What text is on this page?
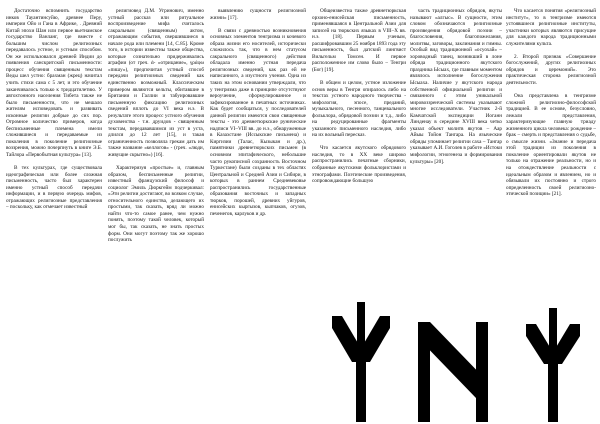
Достаточно вспомнить государство инков Тауантинсуйю, древнее Перу, империи Ойо и Гана в Африке, . Древний Китай эпохи Шан или первое вьетнамское государство Ванланг, где вместе с большим числом религиозных передавалось устное, и устным способом. Он же использовался древней Индии до появления санскритской письменности: процесс обучения священным текстам Веды шел устно: брахман (жрец) начитал учить стихи сама с 5 лет, и это обучение заканчивалось только к тридцатилетию. У автохтонного населения Тибета также не было письменности, что не мешало жителям исповедовать и развивать исконные религии добрые до сих пор. Огромное количество примеров, когда бесписьменные племена имели сложившиеся и передаваемые из поколения в поколение религиозные воззрения, можно почерпнуть в книге Э.Б. Тайлора «Первобытная культура» [13].

В тех культурах, где существовала идеографическая или более сложная письменность, часто был характерен именно устный способ передачи информации, и в первую очередь мифов, отражающих религиозные представления – поскольку, как отмечает известный

религиовед Д.М. Угринович, именно устный рассказ или ритуальное воспроизведение мифа считалось сакральным (священным) актом, отражающим события, свершившиеся в начале рода или племени [14, С.85]. Кроме того, в истории известны также общества, которые сознательно придерживались аграфии (от греч. ἀ- «отрицание», γράφω «пишу»), предпочитая устный способ передачи религиозных сведений как единственно возможный. Классическим примером являются кельты, обитавшие в Британии и Галлии и табуировавшие письменную фиксацию религиозных сведений вплоть до VI века н.э. В результате этого процесс устного обучения духовенства - т.н. друидов - священным текстам, передававшимся из уст в уста, длился до 12 лет [15], и такая ограниченность позволяла грекам дать им также название «келлогов» - (греч. «люди, живущие скрытно») [16].

Характеризуя «простые» и, главным образом, бесписьменные религии, известный французский философ и социолог Эмиль Дюркгейм подчеркивал: «Эти религии достигают, во всяком случае, относительного единства, делающего их простыми, так сказать, вряд ли можно найти что-то самое ранее, чем нужно понять, поэтому такой человек, который мог бы, так сказать, не знать простых форм. Они могут поэтому так же хорошо послужить

выявлению сущности религиозной жизни» [17].

В связи с древностью возникновения основных элементов тенгризма и кочевого образа жизни его носителей, исторически сложилось так, что в нем статусом сакрального (священного) действия обладала именно устная передача религиозных сведений, как раз ей не написанного, а изустного учения. Одна из таких на этом основании утверждали, что у тенгризма даже в принципе отсутствуют вероучение, сформулированное и зафиксированное в печатных источниках. Как будет сообщаться, у последователей данной религии имеются свои священные тексты - это древнетюркские рунические надписи VI–VIII вв. до н.э., обнаруженные в Казахстане (Иссыкские письмена) и Киргизии (Талас, Кызыкан и др.), памятники древнетюркских письмен (в основном эпитафического, небольшие часто рукописной сохранность Восточном Туркестане) были созданы в тех областях Центральной и Средней Азии и Сибири, в которых в раннем Средневековье распространились государственные образования восточных и западных тюрков, порошей, древних уйгуров, енисейских кыргызов, кыпчаков, огузов, печенегов, карлуков и др.

Общеизвестна также древнетюркская орхоно-енисейская письменность, применявшаяся в Центральной Азии для записей на тюркских языках в VIII–X вв. н.э. [18]. Первым ученым, расшифровавшим 25 ноября 1893 года эту письменность, был датский лингвист Вильгельм Томсен. И первое расположенное им слово было – Тенгри (Бог) [19].

В общем и целом, устное изложение основ веры в Тенгри опиралось либо на текстах устного народного творчества - мифология, эпосе, преданий, музыкального, песенного, танцевального фольклора, обрядовой поэзии и т.д., либо на редуцированные фрагменты указанного письменного наследия, либо на их вольный пересказ.

Что касается якутского обрядового наследия, то в XX веке широко распространились печатные сборники, собранные якутскими фольклористами и этнографами. Поэтические произведения, сопровождающие большую

часть традиционных обрядов, якуты называют «алгыс». В сущности, этим словом обозначаются религиозные произведения обрядовой поэзии – благословения, благопожелания, молитвы, заговоры, заклинания и гимны. Особый вид традиционной «осуохай» – хороводный танец, возникший в лоне обряда традиционного якутского праздника Ысыах, где главным моментом являлось исполнение богослужения Ысыаха. Наличие у якутского народа собственной официальной религии и связанного с этим уникальной мировоззренческой системы указывают многие исследователи. Участник 2-й Камчатской экспедиции Иоганн Линденау в середине XVIII века четко указал объект молитв якутов – Аар Айыы Тойон Тангара. На языческие обряды упоминает религии саха – Тангар указывает А.И. Гоголев в работе «Истоки мифологии, этногенеза и формирования культуры» [20].

Что касается понятия «религиозный институт», то в тенгризме имеются устоявшиеся религиозные институты, участники которых являются присущие для каждого народа традиционными служителями культа.

2. Второй признак «Совершение богослужений, других религиозных обрядов и церемоний». Это практическая сторона религиозной деятельности.

Она представлена в тенгризме сложной религиозно-философской традицией. В ее основе, безусловно, лежали представления, характеризующие главную триаду жизненного цикла человека: рождение – брак – смерть и представления о судьбе, о смысле жизни. «Знание и передача этой традиции из поколения в поколение ориентировали якутов не только на отражение реальности, но и на отождествление реальности с идеальным образом и явлением, но и обязывали их постоянно и строго определенность своей религиозно-этической позиции» [21].
